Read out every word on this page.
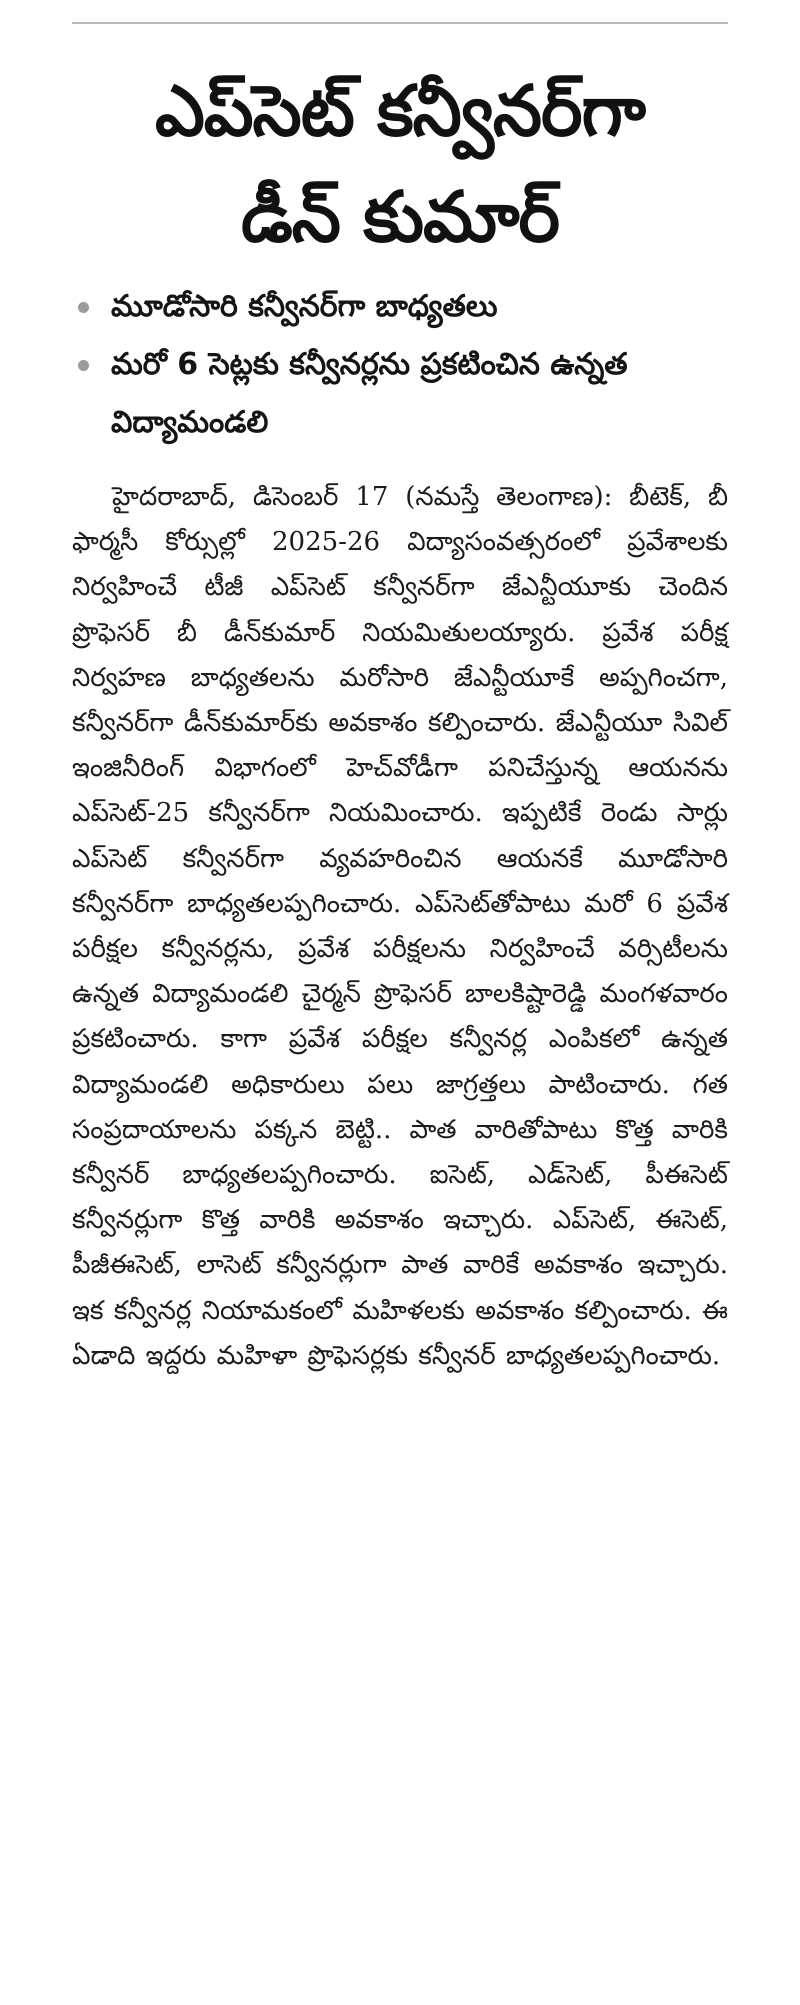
ఎప్‌సెట్ కన్వీనర్‌గా
డీన్ కుమార్
మూడోసారి కన్వీనర్‌గా బాధ్యతలు
మరో 6 సెట్లకు కన్వీనర్లను ప్రకటించిన ఉన్నత విద్యామండలి
హైదరాబాద్, డిసెంబర్ 17 (నమస్తే తెలంగాణ): బీటెక్, బీ ఫార్మసీ కోర్సుల్లో 2025-26 విద్యాసంవత్సరంలో ప్రవేశాలకు నిర్వహించే టీజీ ఎప్‌సెట్ కన్వీనర్‌గా జేఎన్టీయూకు చెందిన ప్రొఫెసర్ బీ డీన్‌కుమార్ నియమితులయ్యారు. ప్రవేశ పరీక్ష నిర్వహణ బాధ్యతలను మరోసారి జేఎన్టీయూకే అప్పగించగా, కన్వీనర్‌గా డీన్‌కుమార్‌కు అవకాశం కల్పించారు. జేఎన్టీయూ సివిల్ ఇంజినీరింగ్ విభాగంలో హెచ్‌వోడీగా పనిచేస్తున్న ఆయనను ఎప్‌సెట్-25 కన్వీనర్‌గా నియమించారు. ఇప్పటికే రెండు సార్లు ఎప్‌సెట్ కన్వీనర్‌గా వ్యవహరించిన ఆయనకే మూడోసారి కన్వీనర్‌గా బాధ్యతలప్పగించారు. ఎప్‌సెట్‌తోపాటు మరో 6 ప్రవేశ పరీక్షల కన్వీనర్లను, ప్రవేశ పరీక్షలను నిర్వహించే వర్సిటీలను ఉన్నత విద్యామండలి చైర్మన్ ప్రొఫెసర్ బాలకిష్టారెడ్డి మంగళవారం ప్రకటించారు. కాగా ప్రవేశ పరీక్షల కన్వీనర్ల ఎంపికలో ఉన్నత విద్యామండలి అధికారులు పలు జాగ్రత్తలు పాటించారు. గత సంప్రదాయాలను పక్కన బెట్టి.. పాత వారితోపాటు కొత్త వారికి కన్వీనర్ బాధ్యతలప్పగించారు. ఐసెట్, ఎడ్‌సెట్, పీఈసెట్ కన్వీనర్లుగా కొత్త వారికి అవకాశం ఇచ్చారు. ఎప్‌సెట్, ఈసెట్, పీజీఈసెట్, లాసెట్ కన్వీనర్లుగా పాత వారికే అవకాశం ఇచ్చారు. ఇక కన్వీనర్ల నియామకంలో మహిళలకు అవకాశం కల్పించారు. ఈ ఏడాది ఇద్దరు మహిళా ప్రొఫెసర్లకు కన్వీనర్ బాధ్యతలప్పగించారు.
